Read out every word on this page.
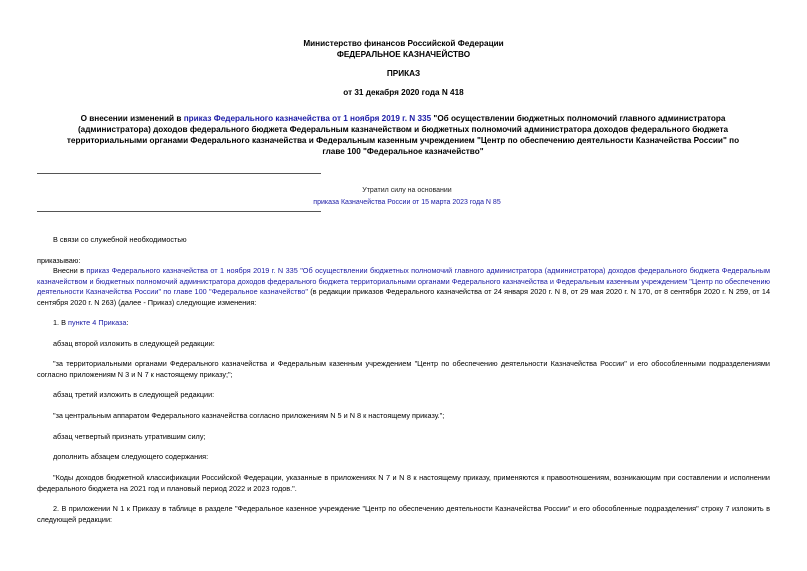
Министерство финансов Российской Федерации
ФЕДЕРАЛЬНОЕ КАЗНАЧЕЙСТВО
ПРИКАЗ
от 31 декабря 2020 года N 418
О внесении изменений в приказ Федерального казначейства от 1 ноября 2019 г. N 335 "Об осуществлении бюджетных полномочий главного администратора (администратора) доходов федерального бюджета Федеральным казначейством и бюджетных полномочий администратора доходов федерального бюджета территориальными органами Федерального казначейства и Федеральным казенным учреждением "Центр по обеспечению деятельности Казначейства России" по главе 100 "Федеральное казначейство"
Утратил силу на основании
приказа Казначейства России от 15 марта 2023 года N 85
В связи со служебной необходимостью
приказываю:
Внесни в приказ Федерального казначейства от 1 ноября 2019 г. N 335 "Об осуществлении бюджетных полномочий главного администратора (администратора) доходов федерального бюджета Федеральным казначейством и бюджетных полномочий администратора доходов федерального бюджета территориальными органами Федерального казначейства и Федеральным казенным учреждением "Центр по обеспечению деятельности Казначейства России" по главе 100 "Федеральное казначейство" (в редакции приказов Федерального казначейства от 24 января 2020 г. N 8, от 29 мая 2020 г. N 170, от 8 сентября 2020 г. N 259, от 14 сентября 2020 г. N 263) (далее - Приказ) следующие изменения:
1. В пункте 4 Приказа:
абзац второй изложить в следующей редакции:
"за территориальными органами Федерального казначейства и Федеральным казенным учреждением "Центр по обеспечению деятельности Казначейства России" и его обособленными подразделениями согласно приложениям N 3 и N 7 к настоящему приказу;";
абзац третий изложить в следующей редакции:
"за центральным аппаратом Федерального казначейства согласно приложениям N 5 и N 8 к настоящему приказу.";
абзац четвертый признать утратившим силу;
дополнить абзацем следующего содержания:
"Коды доходов бюджетной классификации Российской Федерации, указанные в приложениях N 7 и N 8 к настоящему приказу, применяются к правоотношениям, возникающим при составлении и исполнении федерального бюджета на 2021 год и плановый период 2022 и 2023 годов.".
2. В приложении N 1 к Приказу в таблице в разделе "Федеральное казенное учреждение "Центр по обеспечению деятельности Казначейства России" и его обособленные подразделения" строку 7 изложить в следующей редакции:
